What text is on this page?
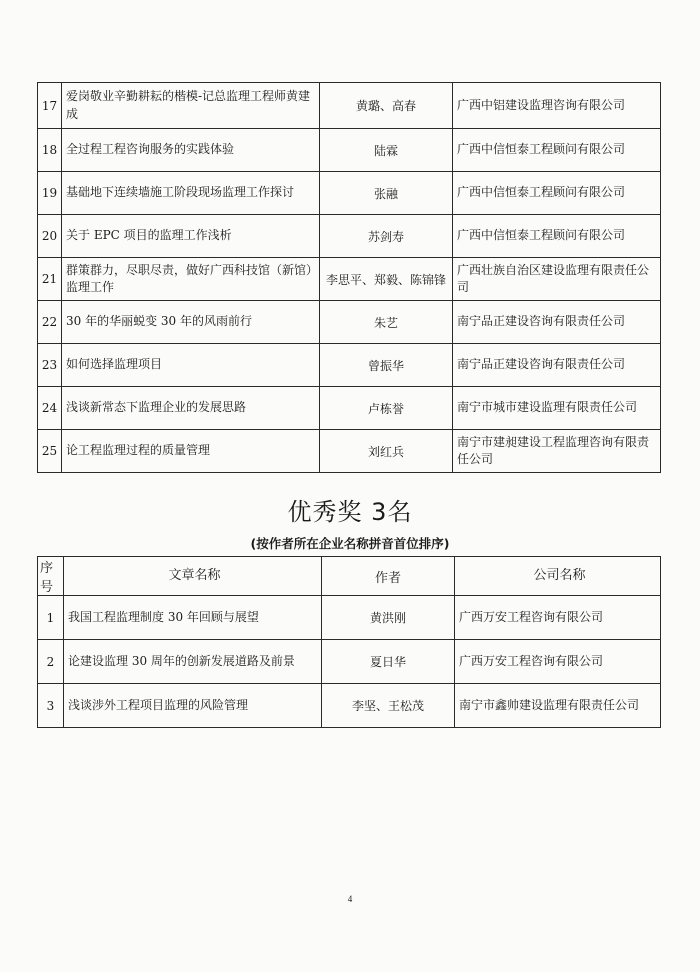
17	爱岗敬业辛勤耕耘的楷模-记总监理工程师黄建成	黄璐、高春	广西中铝建设监理咨询有限公司
18	全过程工程咨询服务的实践体验	陆霖	广西中信恒泰工程顾问有限公司
19	基础地下连续墙施工阶段现场监理工作探讨	张融	广西中信恒泰工程顾问有限公司
20	关于 EPC 项目的监理工作浅析	苏剑寿	广西中信恒泰工程顾问有限公司
21	群策群力，尽职尽责，做好广西科技馆（新馆）监理工作	李思平、郑毅、陈锦锋	广西壮族自治区建设监理有限责任公司
22	30 年的华丽蜕变 30 年的风雨前行	朱艺	南宁品正建设咨询有限责任公司
23	如何选择监理项目	曾振华	南宁品正建设咨询有限责任公司
24	浅谈新常态下监理企业的发展思路	卢栋誉	南宁市城市建设监理有限责任公司
25	论工程监理过程的质量管理	刘红兵	南宁市建昶建设工程监理咨询有限责任公司
优秀奖 3名
(按作者所在企业名称拼音首位排序)
序号	文章名称	作者	公司名称
1	我国工程监理制度 30 年回顾与展望	黄洪刚	广西万安工程咨询有限公司
2	论建设监理 30 周年的创新发展道路及前景	夏日华	广西万安工程咨询有限公司
3	浅谈涉外工程项目监理的风险管理	李坚、王松茂	南宁市鑫帅建设监理有限责任公司
4
